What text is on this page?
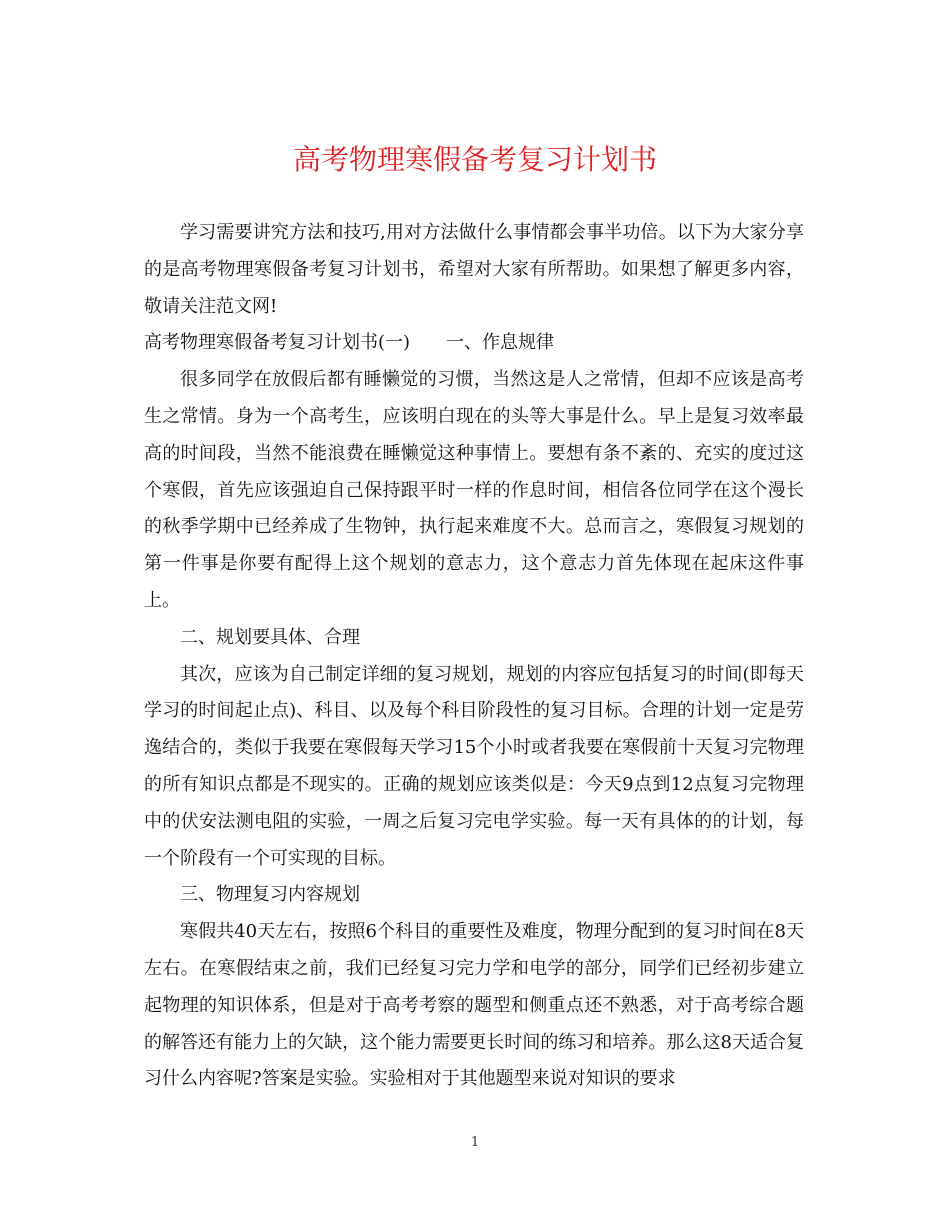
高考物理寒假备考复习计划书

学习需要讲究方法和技巧,用对方法做什么事情都会事半功倍。以下为大家分享的是高考物理寒假备考复习计划书，希望对大家有所帮助。如果想了解更多内容，敬请关注范文网!

高考物理寒假备考复习计划书(一) 一、作息规律

很多同学在放假后都有睡懒觉的习惯，当然这是人之常情，但却不应该是高考生之常情。身为一个高考生，应该明白现在的头等大事是什么。早上是复习效率最高的时间段，当然不能浪费在睡懒觉这种事情上。要想有条不紊的、充实的度过这个寒假，首先应该强迫自己保持跟平时一样的作息时间，相信各位同学在这个漫长的秋季学期中已经养成了生物钟，执行起来难度不大。总而言之，寒假复习规划的第一件事是你要有配得上这个规划的意志力，这个意志力首先体现在起床这件事上。

二、规划要具体、合理

其次，应该为自己制定详细的复习规划，规划的内容应包括复习的时间(即每天学习的时间起止点)、科目、以及每个科目阶段性的复习目标。合理的计划一定是劳逸结合的，类似于我要在寒假每天学习15个小时或者我要在寒假前十天复习完物理的所有知识点都是不现实的。正确的规划应该类似是：今天9点到12点复习完物理中的伏安法测电阻的实验，一周之后复习完电学实验。每一天有具体的的计划，每一个阶段有一个可实现的目标。

三、物理复习内容规划

寒假共40天左右，按照6个科目的重要性及难度，物理分配到的复习时间在8天左右。在寒假结束之前，我们已经复习完力学和电学的部分，同学们已经初步建立起物理的知识体系，但是对于高考考察的题型和侧重点还不熟悉，对于高考综合题的解答还有能力上的欠缺，这个能力需要更长时间的练习和培养。那么这8天适合复习什么内容呢?答案是实验。实验相对于其他题型来说对知识的要求

1
